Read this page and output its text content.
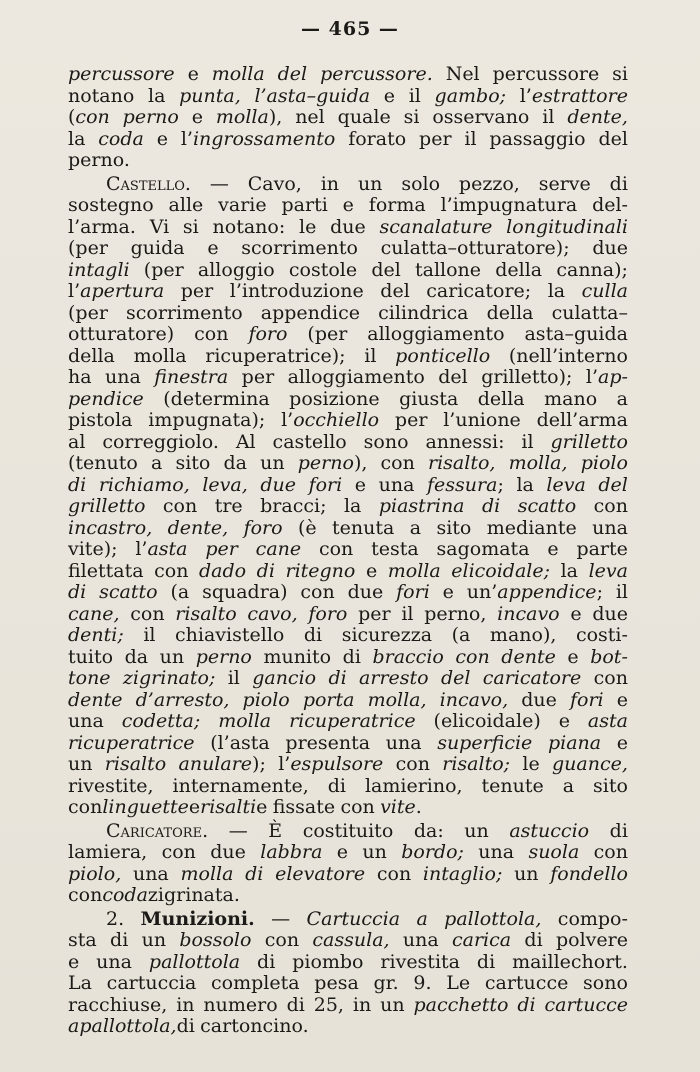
— 465 —
percussore e molla del percussore. Nel percussore si
notano la punta, l’asta–guida e il gambo; l’estrattore
(con perno e molla), nel quale si osservano il dente,
la coda e l’ingrossamento forato per il passaggio del
perno.
Castello. — Cavo, in un solo pezzo, serve di
sostegno alle varie parti e forma l’impugnatura del-
l’arma. Vi si notano: le due scanalature longitudinali
(per guida e scorrimento culatta–otturatore); due
intagli (per alloggio costole del tallone della canna);
l’apertura per l’introduzione del caricatore; la culla
(per scorrimento appendice cilindrica della culatta–
otturatore) con foro (per alloggiamento asta–guida
della molla ricuperatrice); il ponticello (nell’interno
ha una finestra per alloggiamento del grilletto); l’ap-
pendice (determina posizione giusta della mano a
pistola impugnata); l’occhiello per l’unione dell’arma
al correggiolo. Al castello sono annessi: il grilletto
(tenuto a sito da un perno), con risalto, molla, piolo
di richiamo, leva, due fori e una fessura; la leva del
grilletto con tre bracci; la piastrina di scatto con
incastro, dente, foro (è tenuta a sito mediante una
vite); l’asta per cane con testa sagomata e parte
filettata con dado di ritegno e molla elicoidale; la leva
di scatto (a squadra) con due fori e un’appendice; il
cane, con risalto cavo, foro per il perno, incavo e due
denti; il chiavistello di sicurezza (a mano), costi-
tuito da un perno munito di braccio con dente e bot-
tone zigrinato; il gancio di arresto del caricatore con
dente d’arresto, piolo porta molla, incavo, due fori e
una codetta; molla ricuperatrice (elicoidale) e asta
ricuperatrice (l’asta presenta una superficie piana e
un risalto anulare); l’espulsore con risalto; le guance,
rivestite, internamente, di lamierino, tenute a sito
con linguette e risalti e fissate con vite.
Caricatore. — È costituito da: un astuccio di
lamiera, con due labbra e un bordo; una suola con
piolo, una molla di elevatore con intaglio; un fondello
con coda zigrinata.
2. Munizioni. — Cartuccia a pallottola, compo-
sta di un bossolo con cassula, una carica di polvere
e una pallottola di piombo rivestita di maillechort.
La cartuccia completa pesa gr. 9. Le cartucce sono
racchiuse, in numero di 25, in un pacchetto di cartucce
a pallottola, di cartoncino.
